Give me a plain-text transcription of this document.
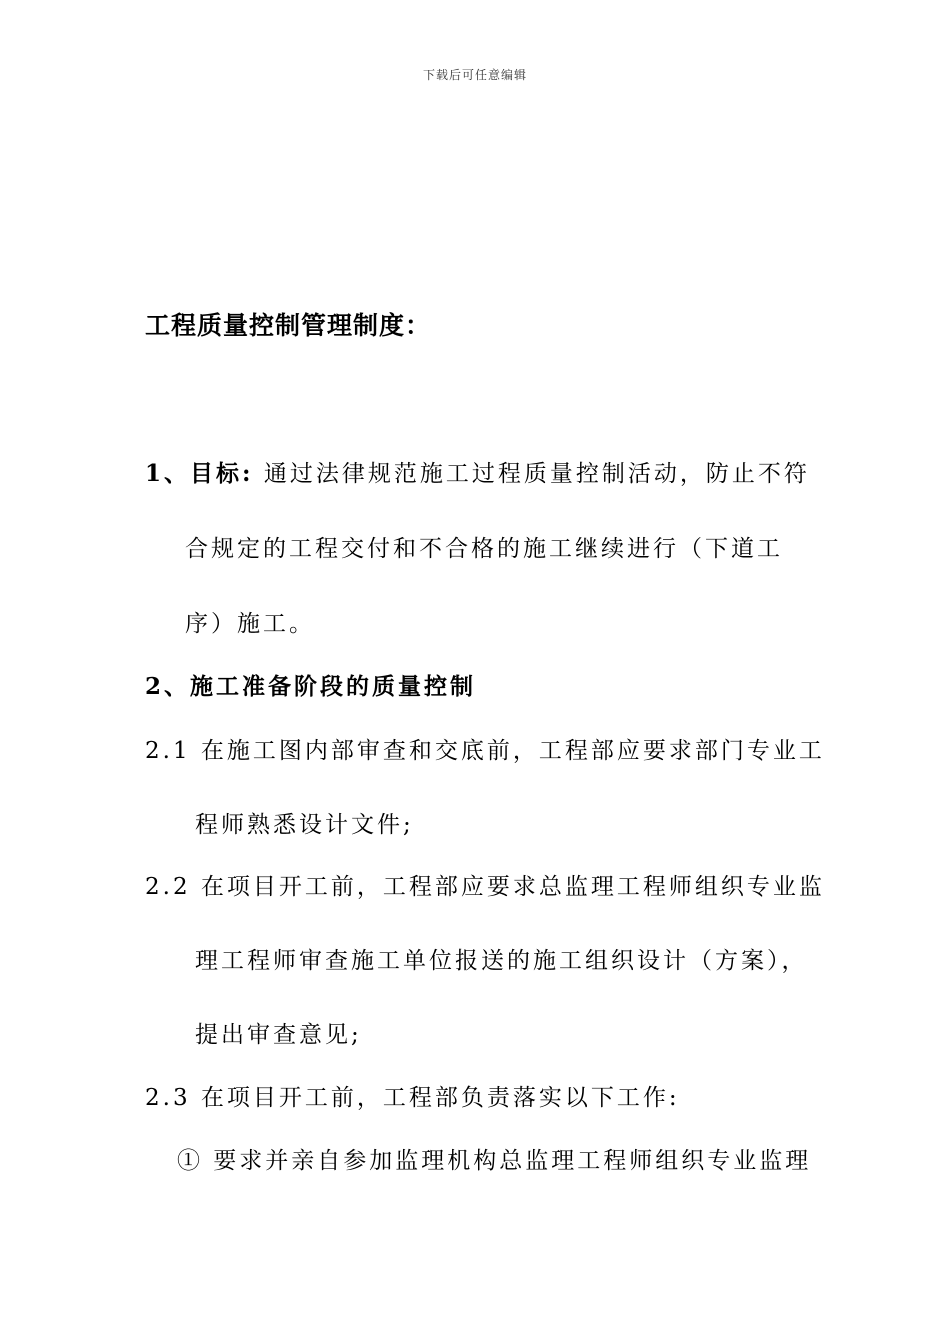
下载后可任意编辑
工程质量控制管理制度：
1、目标: 通过法律规范施工过程质量控制活动，防止不符
合规定的工程交付和不合格的施工继续进行（下道工
序）施工。
2、施工准备阶段的质量控制
2.1 在施工图内部审查和交底前，工程部应要求部门专业工
程师熟悉设计文件;
2.2 在项目开工前，工程部应要求总监理工程师组织专业监
理工程师审查施工单位报送的施工组织设计（方案），
提出审查意见;
2.3 在项目开工前，工程部负责落实以下工作:
① 要求并亲自参加监理机构总监理工程师组织专业监理
